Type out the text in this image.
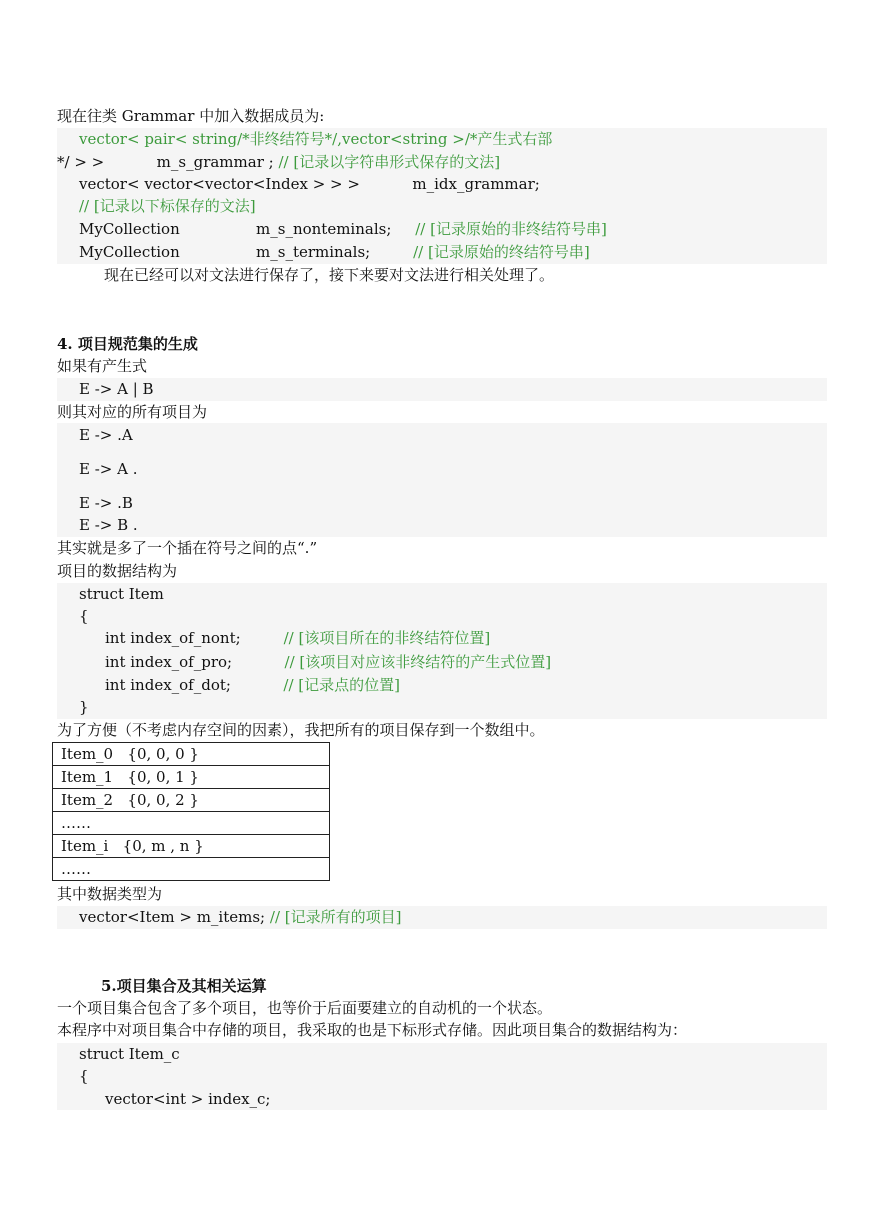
现在往类 Grammar 中加入数据成员为:
vector< pair< string/*非终结符号*/,vector<string >/*产生式右部
*/ > >           m_s_grammar ; // [记录以字符串形式保存的文法]
vector< vector<vector<Index > > >           m_idx_grammar;
// [记录以下标保存的文法]
MyCollection                m_s_nonteminals;     // [记录原始的非终结符号串]
MyCollection                m_s_terminals;         // [记录原始的终结符号串]
现在已经可以对文法进行保存了，接下来要对文法进行相关处理了。
4. 项目规范集的生成
如果有产生式
E -> A | B
则其对应的所有项目为
E -> .A
E -> A .
E -> .B
E -> B .
其实就是多了一个插在符号之间的点“.”
项目的数据结构为
struct Item
{
int index_of_nont;         // [该项目所在的非终结符位置]
int index_of_pro;           // [该项目对应该非终结符的产生式位置]
int index_of_dot;           // [记录点的位置]
}
为了方便（不考虑内存空间的因素），我把所有的项目保存到一个数组中。
Item_0   {0, 0, 0 }
Item_1   {0, 0, 1 }
Item_2   {0, 0, 2 }
……
Item_i   {0, m , n }
……
其中数据类型为
vector<Item > m_items; // [记录所有的项目]
5.项目集合及其相关运算
一个项目集合包含了多个项目，也等价于后面要建立的自动机的一个状态。
本程序中对项目集合中存储的项目，我采取的也是下标形式存储。因此项目集合的数据结构为：
struct Item_c
{
vector<int > index_c;
